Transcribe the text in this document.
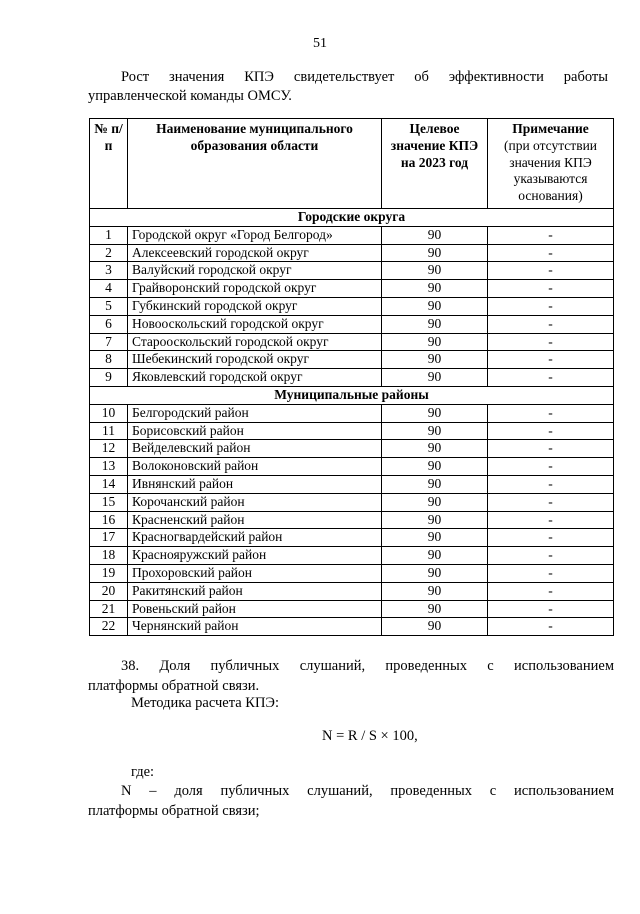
51
Рост значения КПЭ свидетельствует об эффективности работы
управленческой команды ОМСУ.
№ п/п	Наименование муниципального образования области	Целевое значение КПЭ на 2023 год	Примечание
(при отсутствии значения КПЭ указываются основания)

Городские округа			
1	Городской округ «Город Белгород»	90	-
2	Алексеевский городской округ	90	-
3	Валуйский городской округ	90	-
4	Грайворонский городской округ	90	-
5	Губкинский городской округ	90	-
6	Новооскольский городской округ	90	-
7	Старооскольский городской округ	90	-
8	Шебекинский городской округ	90	-
9	Яковлевский городской округ	90	-
Муниципальные районы			
10	Белгородский район	90	-
11	Борисовский район	90	-
12	Вейделевский район	90	-
13	Волоконовский район	90	-
14	Ивнянский район	90	-
15	Корочанский район	90	-
16	Красненский район	90	-
17	Красногвардейский район	90	-
18	Краснояружский район	90	-
19	Прохоровский район	90	-
20	Ракитянский район	90	-
21	Ровеньский район	90	-
22	Чернянский район	90	-
38. Доля публичных слушаний, проведенных с использованием
платформы обратной связи.
Методика расчета КПЭ:
N = R / S × 100,
где:
N – доля публичных слушаний, проведенных с использованием
платформы обратной связи;
